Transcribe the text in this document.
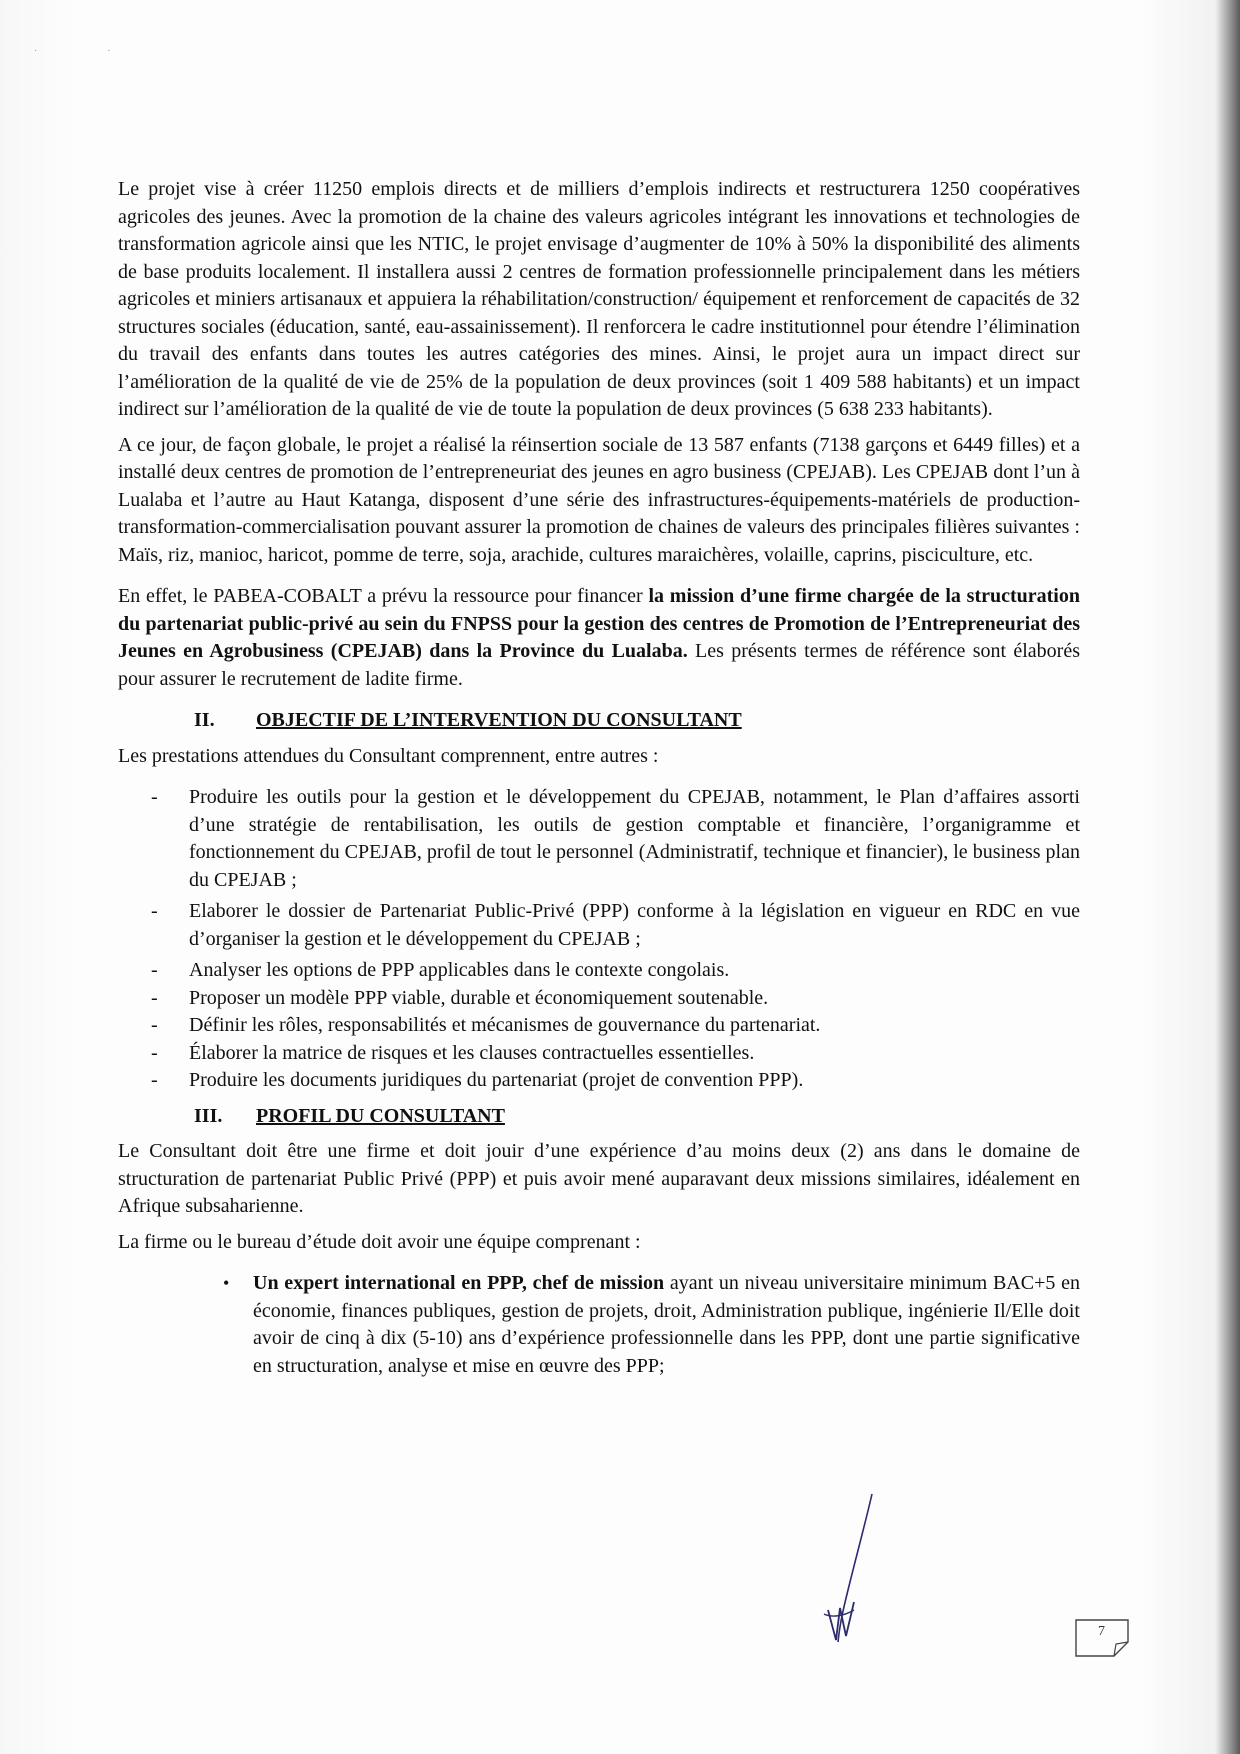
·                            ·

Le projet vise à créer 11250 emplois directs et de milliers d’emplois indirects et restructurera 1250 coopératives agricoles des jeunes. Avec la promotion de la chaine des valeurs agricoles intégrant les innovations et technologies de transformation agricole ainsi que les NTIC, le projet envisage d’augmenter de 10% à 50% la disponibilité des aliments de base produits localement. Il installera aussi 2 centres de formation professionnelle principalement dans les métiers agricoles et miniers artisanaux et appuiera la réhabilitation/construction/ équipement et renforcement de capacités de 32 structures sociales (éducation, santé, eau-assainissement). Il renforcera le cadre institutionnel pour étendre l’élimination du travail des enfants dans toutes les autres catégories des mines. Ainsi, le projet aura un impact direct sur l’amélioration de la qualité de vie de 25% de la population de deux provinces (soit 1 409 588 habitants) et un impact indirect sur l’amélioration de la qualité de vie de toute la population de deux provinces (5 638 233 habitants).

A ce jour, de façon globale, le projet a réalisé la réinsertion sociale de 13 587 enfants (7138 garçons et 6449 filles) et a installé deux centres de promotion de l’entrepreneuriat des jeunes en agro business (CPEJAB). Les CPEJAB dont l’un à Lualaba et l’autre au Haut Katanga, disposent d’une série des infrastructures-équipements-matériels de production-transformation-commercialisation pouvant assurer la promotion de chaines de valeurs des principales filières suivantes : Maïs, riz, manioc, haricot, pomme de terre, soja, arachide, cultures maraichères, volaille, caprins, pisciculture, etc.

En effet, le PABEA-COBALT a prévu la ressource pour financer la mission d’une firme chargée de la structuration du partenariat public-privé au sein du FNPSS pour la gestion des centres de Promotion de l’Entrepreneuriat des Jeunes en Agrobusiness (CPEJAB) dans la Province du Lualaba. Les présents termes de référence sont élaborés pour assurer le recrutement de ladite firme.

II.	OBJECTIF DE L’INTERVENTION DU CONSULTANT

Les prestations attendues du Consultant comprennent, entre autres :

- Produire les outils pour la gestion et le développement du CPEJAB, notamment, le Plan d’affaires assorti d’une stratégie de rentabilisation, les outils de gestion comptable et financière, l’organigramme et fonctionnement du CPEJAB, profil de tout le personnel (Administratif, technique et financier), le business plan du CPEJAB ;
- Elaborer le dossier de Partenariat Public-Privé (PPP) conforme à la législation en vigueur en RDC en vue d’organiser la gestion et le développement du CPEJAB ;
- Analyser les options de PPP applicables dans le contexte congolais.
- Proposer un modèle PPP viable, durable et économiquement soutenable.
- Définir les rôles, responsabilités et mécanismes de gouvernance du partenariat.
- Élaborer la matrice de risques et les clauses contractuelles essentielles.
- Produire les documents juridiques du partenariat (projet de convention PPP).
III.	PROFIL DU CONSULTANT

Le Consultant doit être une firme et doit jouir d’une expérience d’au moins deux (2) ans dans le domaine de structuration de partenariat Public Privé (PPP) et puis avoir mené auparavant deux missions similaires, idéalement en Afrique subsaharienne.

La firme ou le bureau d’étude doit avoir une équipe comprenant :

• Un expert international en PPP, chef de mission ayant un niveau universitaire minimum BAC+5 en économie, finances publiques, gestion de projets, droit, Administration publique, ingénierie Il/Elle doit avoir de cinq à dix (5-10) ans d’expérience professionnelle dans les PPP, dont une partie significative en structuration, analyse et mise en œuvre des PPP;
7
